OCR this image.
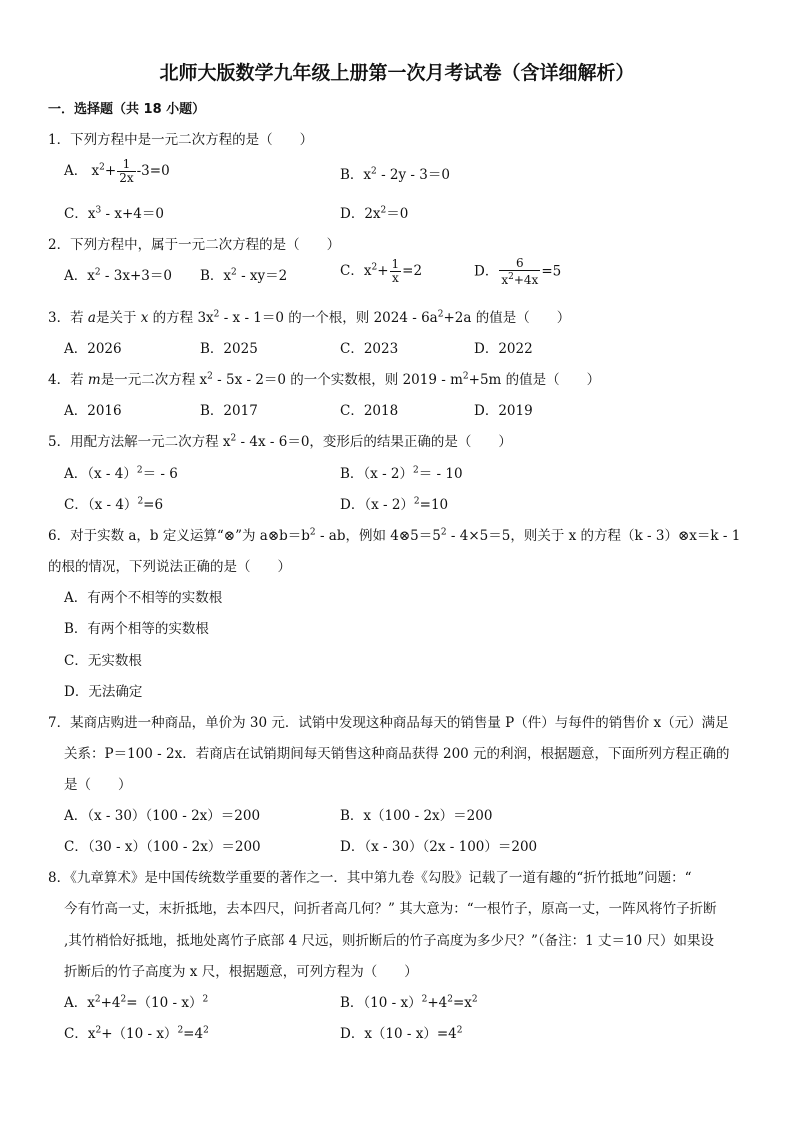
北师大版数学九年级上册第一次月考试卷（含详细解析）
一．选择题（共 18 小题）
1．下列方程中是一元二次方程的是（　　）
A． $x^2+ \frac{1}{2x} -3=0$	B．$x^2 - 2y - 3=0$
C．$x^3 - x+4=0$	D．$2x^2=0$
2．下列方程中，属于一元二次方程的是（　　）
A．$x^2 - 3x+3=0$ B．$x^2 - xy=2$	C．$x^2+ \frac{1}{x} =2$	D． $\frac{6}{x^2+4x} =5$
3．若 a是关于 x 的方程 $3x^2 - x - 1=0$ 的一个根，则 $2024 - 6a^2+2a$ 的值是（　　）
A．2026	B．2025	C．2023	D．2022
4．若 m是一元二次方程 $x^2 - 5x - 2=0$ 的一个实数根，则 $2019 - m^2+5m$ 的值是（　　）
A．2016	B．2017	C．2018	D．2019
5．用配方法解一元二次方程 $x^2 - 4x - 6=0$，变形后的结果正确的是（　　）
A．（x - 4）$^2$＝ - 6	B．（x - 2）$^2$＝ - 10
C．（x - 4）$^2$=6	D．（x - 2）$^2$=10
6．对于实数 a，b 定义运算“⊗”为 $a\otimes b=b^2$ - ab，例如 $4\otimes 5=5^2 - 4\times 5=5$，则关于 x 的方程（k - 3）⊗x＝k - 1
的根的情况，下列说法正确的是（　　）
A．有两个不相等的实数根
B．有两个相等的实数根
C．无实数根
D．无法确定
7．某商店购进一种商品，单价为 30 元．试销中发现这种商品每天的销售量 P（件）与每件的销售价 x（元）满足
关系：P＝100 - 2x．若商店在试销期间每天销售这种商品获得 200 元的利润，根据题意，下面所列方程正确的
是（　　）
A．（x - 30）（100 - 2x）＝200	B．x（100 - 2x）＝200
C．（30 - x）（100 - 2x）＝200	D．（x - 30）（2x - 100）＝200
8．《九章算术》是中国传统数学重要的著作之一．其中第九卷《勾股》记载了一道有趣的“折竹抵地”问题：“
今有竹高一丈，末折抵地，去本四尺，问折者高几何？” 其大意为：“一根竹子，原高一丈，一阵风将竹子折断
,其竹梢恰好抵地，抵地处离竹子底部 4 尺远，则折断后的竹子高度为多少尺？”（备注：1 丈＝10 尺）如果设
折断后的竹子高度为 x 尺，根据题意，可列方程为（　　）
A．$x^2+4^2=(10 - x)^2$	B．$(10 - x)^2+4^2=x^2$
C．$x^2+(10 - x)^2=4^2$	D．$x(10 - x)=4^2$
